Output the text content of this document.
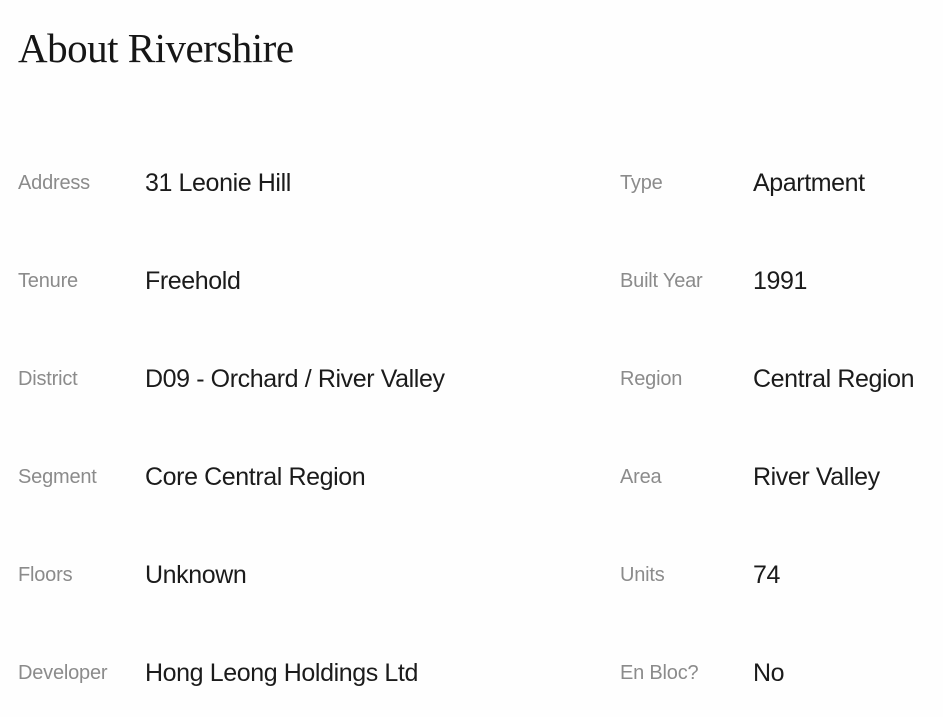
About Rivershire
Address	31 Leonie Hill	Type	Apartment
Tenure	Freehold	Built Year	1991
District	D09 - Orchard / River Valley	Region	Central Region
Segment	Core Central Region	Area	River Valley
Floors	Unknown	Units	74
Developer	Hong Leong Holdings Ltd	En Bloc?	No
